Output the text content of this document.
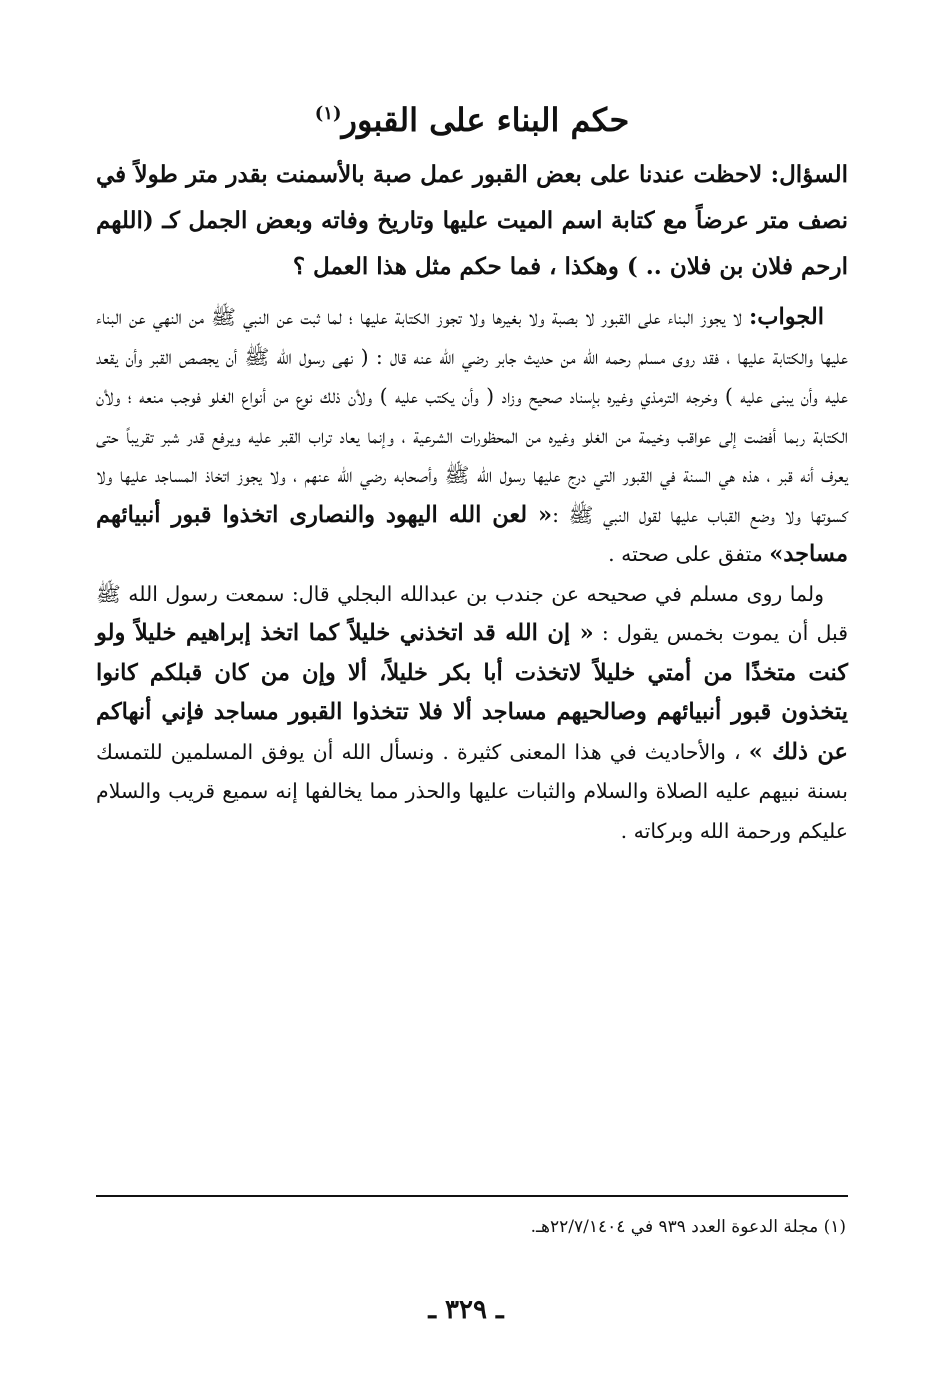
حكم البناء على القبور$^{(١)}$

السؤال: لاحظت عندنا على بعض القبور عمل صبة بالأسمنت بقدر متر طولاً في نصف متر عرضاً مع كتابة اسم الميت عليها وتاريخ وفاته وبعض الجمل كـ (اللهم ارحم فلان بن فلان .. ) وهكذا ، فما حكم مثل هذا العمل ؟

الجواب: لا يجوز البناء على القبور لا بصبة ولا بغيرها ولا تجوز الكتابة عليها ؛ لما ثبت عن النبي ﷺ من النهي عن البناء عليها والكتابة عليها ، فقد روى مسلم رحمه الله من حديث جابر رضي الله عنه قال : ( نهى رسول الله ﷺ أن يجصص القبر وأن يقعد عليه وأن يبنى عليه ) وخرجه الترمذي وغيره بإسناد صحيح وزاد ( وأن يكتب عليه ) ولأن ذلك نوع من أنواع الغلو فوجب منعه ؛ ولأن الكتابة ربما أفضت إلى عواقب وخيمة من الغلو وغيره من المحظورات الشرعية ، وإنما يعاد تراب القبر عليه ويرفع قدر شبر تقريباً حتى يعرف أنه قبر ، هذه هي السنة في القبور التي درج عليها رسول الله ﷺ وأصحابه رضي الله عنهم ، ولا يجوز اتخاذ المساجد عليها ولا كسوتها ولا وضع القباب عليها لقول النبي ﷺ :« لعن الله اليهود والنصارى اتخذوا قبور أنبيائهم مساجد» متفق على صحته .

ولما روى مسلم في صحيحه عن جندب بن عبدالله البجلي قال: سمعت رسول الله ﷺ قبل أن يموت بخمس يقول : « إن الله قد اتخذني خليلاً كما اتخذ إبراهيم خليلاً ولو كنت متخذًا من أمتي خليلاً لاتخذت أبا بكر خليلاً، ألا وإن من كان قبلكم كانوا يتخذون قبور أنبيائهم وصالحيهم مساجد ألا فلا تتخذوا القبور مساجد فإني أنهاكم عن ذلك » ، والأحاديث في هذا المعنى كثيرة . ونسأل الله أن يوفق المسلمين للتمسك بسنة نبيهم عليه الصلاة والسلام والثبات عليها والحذر مما يخالفها إنه سميع قريب والسلام عليكم ورحمة الله وبركاته .

(١) مجلة الدعوة العدد ٩٣٩ في ٢٢/٧/١٤٠٤هـ.
ـ ٣٢٩ ـ
